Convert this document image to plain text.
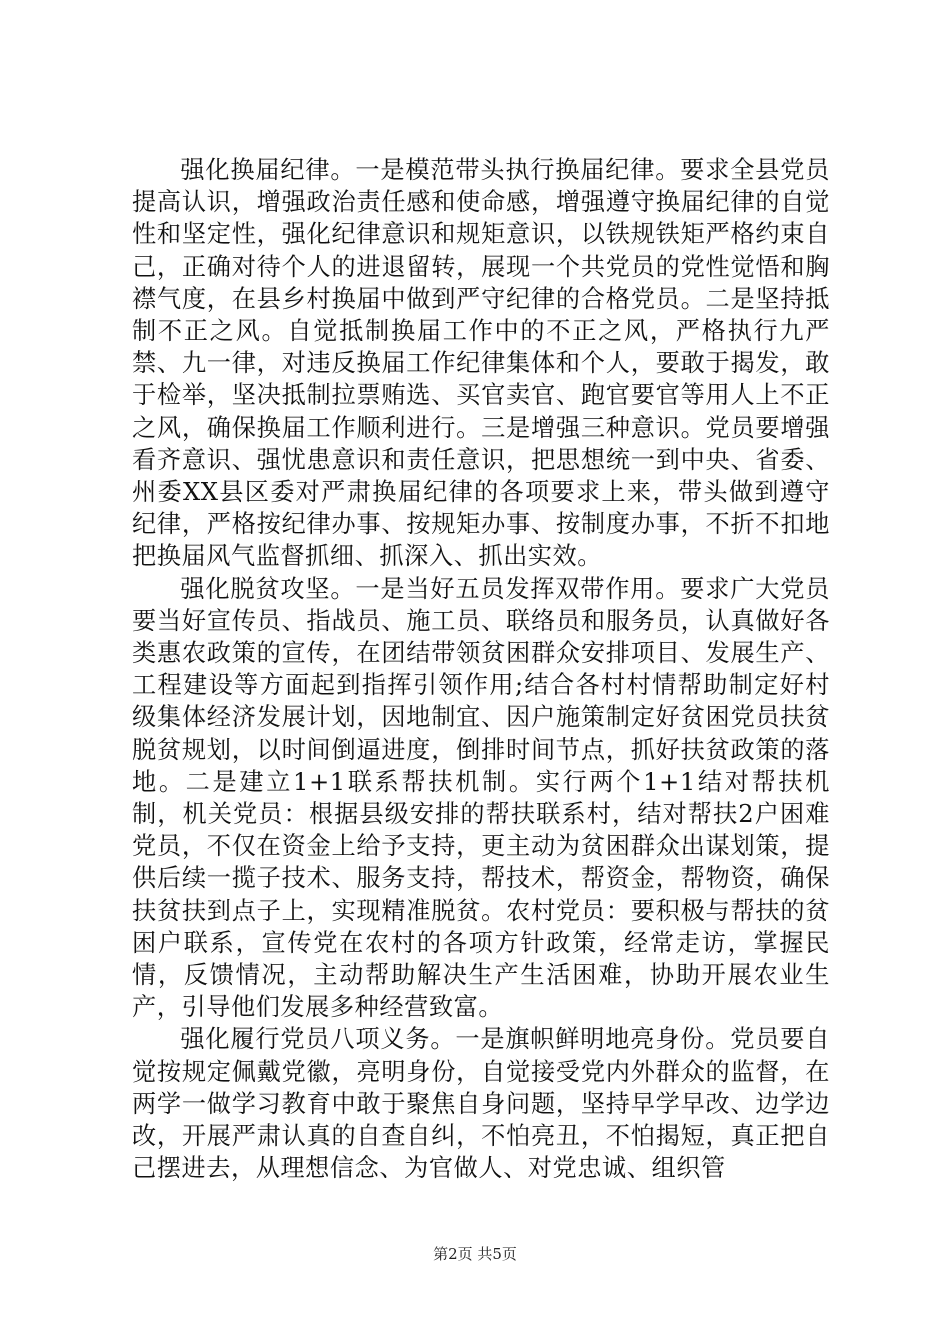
强化换届纪律。一是模范带头执行换届纪律。要求全县党员提高认识，增强政治责任感和使命感，增强遵守换届纪律的自觉性和坚定性，强化纪律意识和规矩意识，以铁规铁矩严格约束自己，正确对待个人的进退留转，展现一个共党员的党性觉悟和胸襟气度，在县乡村换届中做到严守纪律的合格党员。二是坚持抵制不正之风。自觉抵制换届工作中的不正之风，严格执行九严禁、九一律，对违反换届工作纪律集体和个人，要敢于揭发，敢于检举，坚决抵制拉票贿选、买官卖官、跑官要官等用人上不正之风，确保换届工作顺利进行。三是增强三种意识。党员要增强看齐意识、强忧患意识和责任意识，把思想统一到中央、省委、州委XX县区委对严肃换届纪律的各项要求上来，带头做到遵守纪律，严格按纪律办事、按规矩办事、按制度办事，不折不扣地把换届风气监督抓细、抓深入、抓出实效。

强化脱贫攻坚。一是当好五员发挥双带作用。要求广大党员要当好宣传员、指战员、施工员、联络员和服务员，认真做好各类惠农政策的宣传，在团结带领贫困群众安排项目、发展生产、工程建设等方面起到指挥引领作用;结合各村村情帮助制定好村级集体经济发展计划，因地制宜、因户施策制定好贫困党员扶贫脱贫规划，以时间倒逼进度，倒排时间节点，抓好扶贫政策的落地。二是建立1+1联系帮扶机制。实行两个1+1结对帮扶机制，机关党员：根据县级安排的帮扶联系村，结对帮扶2户困难党员，不仅在资金上给予支持，更主动为贫困群众出谋划策，提供后续一揽子技术、服务支持，帮技术，帮资金，帮物资，确保扶贫扶到点子上，实现精准脱贫。农村党员：要积极与帮扶的贫困户联系，宣传党在农村的各项方针政策，经常走访，掌握民情，反馈情况，主动帮助解决生产生活困难，协助开展农业生产，引导他们发展多种经营致富。

强化履行党员八项义务。一是旗帜鲜明地亮身份。党员要自觉按规定佩戴党徽，亮明身份，自觉接受党内外群众的监督，在两学一做学习教育中敢于聚焦自身问题，坚持早学早改、边学边改，开展严肃认真的自查自纠，不怕亮丑，不怕揭短，真正把自己摆进去，从理想信念、为官做人、对党忠诚、组织管

第2页 共5页
